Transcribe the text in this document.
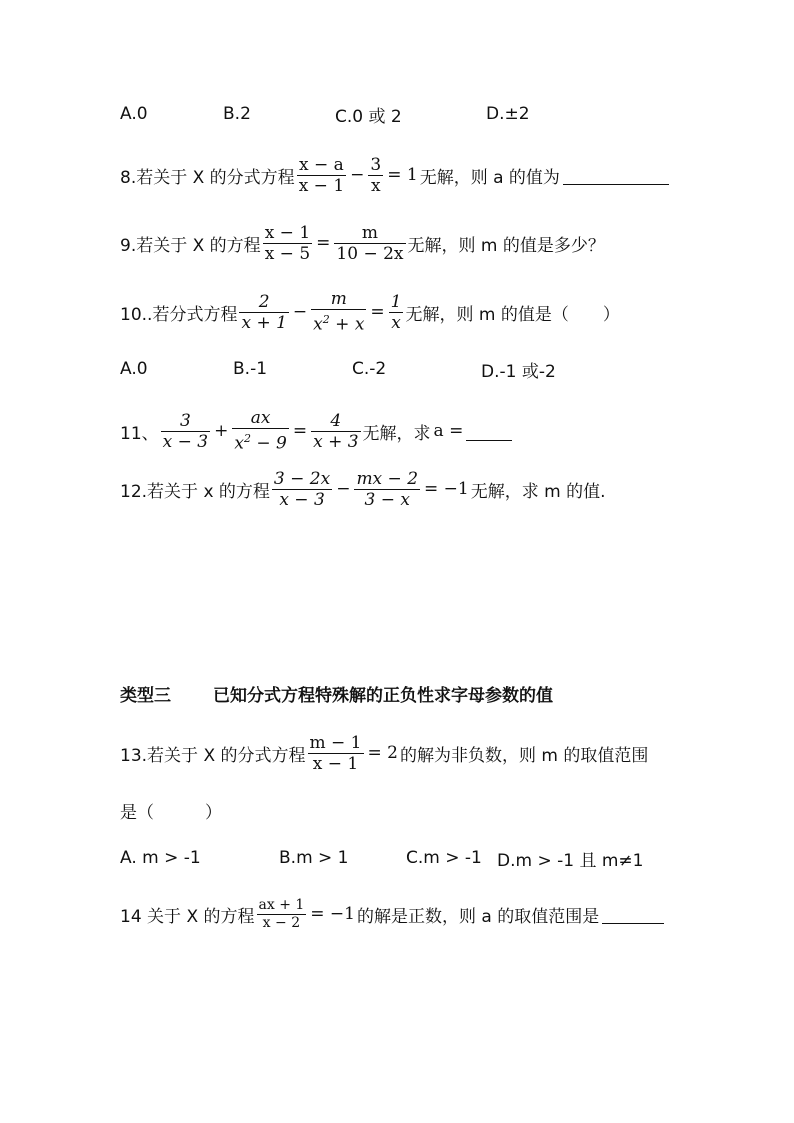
A.0	B.2	C.0 或 2	D.±2
8.若关于 X 的分式方程 $\frac{x - a}{x - 1} - \frac{3}{x} = 1$ 无解，则 a 的值为
9.若关于 X 的方程 $\frac{x - 1}{x - 5} = \frac{m}{10 - 2x}$ 无解，则 m 的值是多少？
10..若分式方程 $\frac{2}{x + 1} - \frac{m}{x^2 + x} = \frac{1}{x}$ 无解，则 m 的值是（　　）
A.0	B.-1	C.-2	D.-1 或-2
11、 $\frac{3}{x - 3} + \frac{ax}{x^2 - 9} = \frac{4}{x + 3}$ 无解，求 a =
12.若关于 x 的方程 $\frac{3 - 2x}{x - 3} - \frac{mx - 2}{3 - x} = -1$ 无解，求 m 的值.
类型三 已知分式方程特殊解的正负性求字母参数的值
13.若关于 X 的分式方程 $\frac{m - 1}{x - 1} = 2$ 的解为非负数，则 m 的取值范围
是（　　　）
A. m > -1	B.m > 1	C.m > -1 D.m > -1 且 m≠1
14 关于 X 的方程 $\frac{ax + 1}{x - 2} = -1$ 的解是正数，则 a 的取值范围是
